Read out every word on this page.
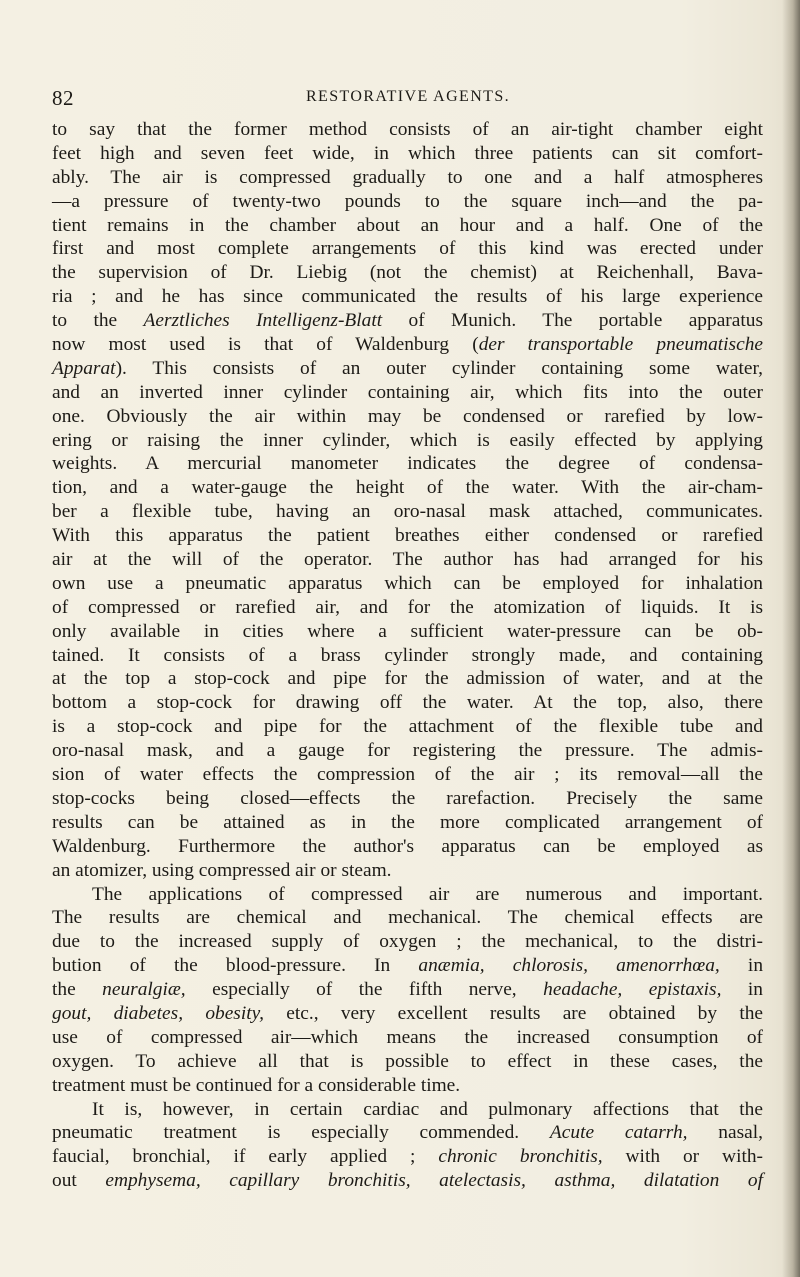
82	RESTORATIVE AGENTS.
to say that the former method consists of an air-tight chamber eight
feet high and seven feet wide, in which three patients can sit comfort-
ably. The air is compressed gradually to one and a half atmospheres
—a pressure of twenty-two pounds to the square inch—and the pa-
tient remains in the chamber about an hour and a half. One of the
first and most complete arrangements of this kind was erected under
the supervision of Dr. Liebig (not the chemist) at Reichenhall, Bava-
ria ; and he has since communicated the results of his large experience
to the Aerztliches Intelligenz-Blatt of Munich. The portable apparatus
now most used is that of Waldenburg (der transportable pneumatische
Apparat). This consists of an outer cylinder containing some water,
and an inverted inner cylinder containing air, which fits into the outer
one. Obviously the air within may be condensed or rarefied by low-
ering or raising the inner cylinder, which is easily effected by applying
weights. A mercurial manometer indicates the degree of condensa-
tion, and a water-gauge the height of the water. With the air-cham-
ber a flexible tube, having an oro-nasal mask attached, communicates.
With this apparatus the patient breathes either condensed or rarefied
air at the will of the operator. The author has had arranged for his
own use a pneumatic apparatus which can be employed for inhalation
of compressed or rarefied air, and for the atomization of liquids. It is
only available in cities where a sufficient water-pressure can be ob-
tained. It consists of a brass cylinder strongly made, and containing
at the top a stop-cock and pipe for the admission of water, and at the
bottom a stop-cock for drawing off the water. At the top, also, there
is a stop-cock and pipe for the attachment of the flexible tube and
oro-nasal mask, and a gauge for registering the pressure. The admis-
sion of water effects the compression of the air ; its removal—all the
stop-cocks being closed—effects the rarefaction. Precisely the same
results can be attained as in the more complicated arrangement of
Waldenburg. Furthermore the author's apparatus can be employed as
an atomizer, using compressed air or steam.
The applications of compressed air are numerous and important.
The results are chemical and mechanical. The chemical effects are
due to the increased supply of oxygen ; the mechanical, to the distri-
bution of the blood-pressure. In anæmia, chlorosis, amenorrhœa, in
the neuralgiæ, especially of the fifth nerve, headache, epistaxis, in
gout, diabetes, obesity, etc., very excellent results are obtained by the
use of compressed air—which means the increased consumption of
oxygen. To achieve all that is possible to effect in these cases, the
treatment must be continued for a considerable time.
It is, however, in certain cardiac and pulmonary affections that the
pneumatic treatment is especially commended. Acute catarrh, nasal,
faucial, bronchial, if early applied ; chronic bronchitis, with or with-
out emphysema, capillary bronchitis, atelectasis, asthma, dilatation of
